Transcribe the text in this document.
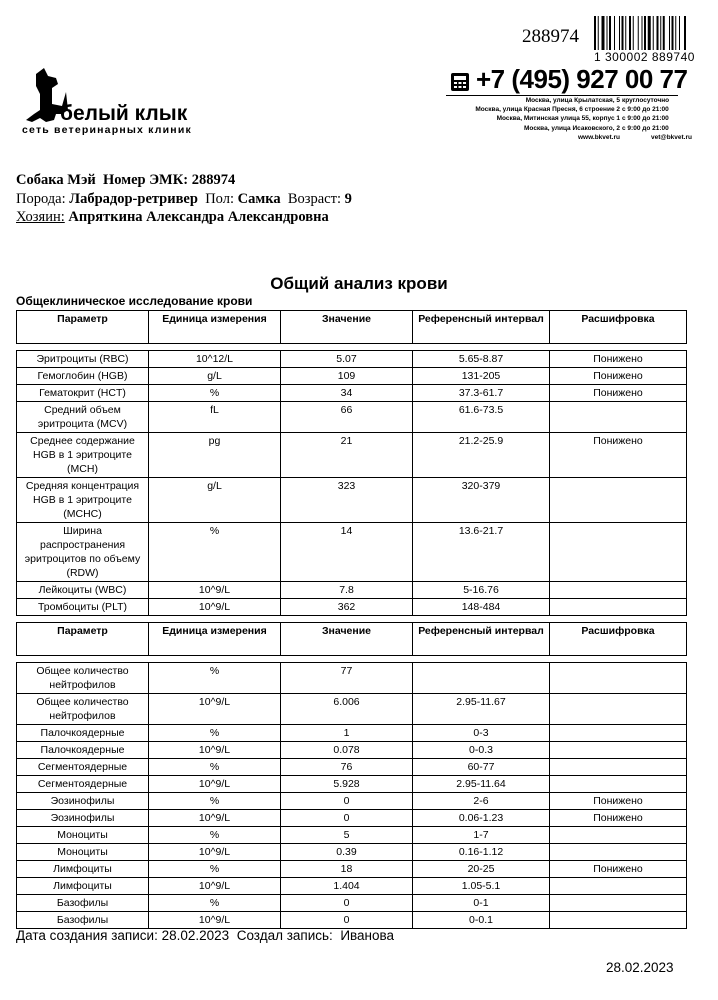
288974
1 300002 889740
белый клык
сеть ветеринарных клиник
+7 (495) 927 00 77
Москва, улица Крылатская, 5
Москва, улица Красная Пресня, 6 строение 2
Москва, Митинская улица 55, корпус 1
Москва, улица Исаковского, 2
www.bkvet.ru
круглосуточно
с 9:00 до 21:00
с 9:00 до 21:00
с 9:00 до 21:00
vet@bkvet.ru
Собака Мэй Номер ЭМК: 288974
Порода: Лабрадор-ретривер Пол: Самка Возраст: 9
Хозяин: Апряткина Александра Александровна
Общий анализ крови
Общеклиническое исследование крови
Параметр	Единица измерения	Значение	Референсный интервал	Расшифровка

Эритроциты (RBC)	10^12/L	5.07	5.65-8.87	Понижено
Гемоглобин (HGB)	g/L	109	131-205	Понижено
Гематокрит (HCT)	%	34	37.3-61.7	Понижено
Средний объем эритроцита (MCV)	fL	66	61.6-73.5	
Среднее содержание HGB в 1 эритроците (MCH)	pg	21	21.2-25.9	Понижено
Средняя концентрация HGB в 1 эритроците (MCHC)	g/L	323	320-379	
Ширина распространения эритроцитов по объему (RDW)	%	14	13.6-21.7	
Лейкоциты (WBC)	10^9/L	7.8	5-16.76	
Тромбоциты (PLT)	10^9/L	362	148-484	
Параметр	Единица измерения	Значение	Референсный интервал	Расшифровка

Общее количество нейтрофилов	%	77		
Общее количество нейтрофилов	10^9/L	6.006	2.95-11.67	
Палочкоядерные	%	1	0-3	
Палочкоядерные	10^9/L	0.078	0-0.3	
Сегментоядерные	%	76	60-77	
Сегментоядерные	10^9/L	5.928	2.95-11.64	
Эозинофилы	%	0	2-6	Понижено
Эозинофилы	10^9/L	0	0.06-1.23	Понижено
Моноциты	%	5	1-7	
Моноциты	10^9/L	0.39	0.16-1.12	
Лимфоциты	%	18	20-25	Понижено
Лимфоциты	10^9/L	1.404	1.05-5.1	
Базофилы	%	0	0-1	
Базофилы	10^9/L	0	0-0.1	
Дата создания записи: 28.02.2023 Создал запись: Иванова
28.02.2023
